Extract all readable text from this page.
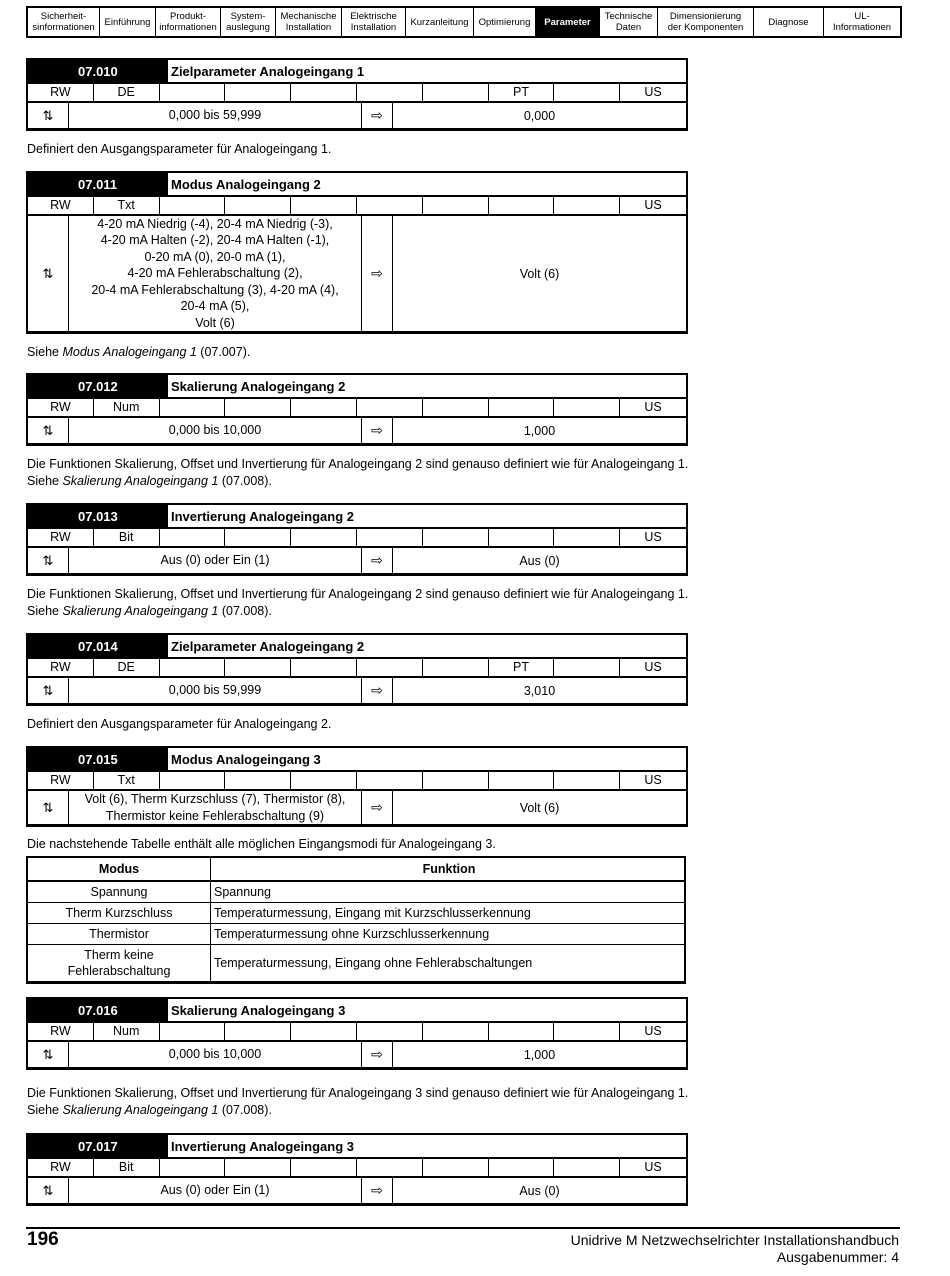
Sicherheit-
sinformationen	Einführung	Produkt-
informationen
System-
auslegung
Mechanische
Installation
Elektrische
Installation	Kurzanleitung	Optimierung	Parameter	Technische
Daten
Dimensionierung
der Komponenten	Diagnose	UL-
Informationen
07.010	Zielparameter Analogeingang 1
RW	DE	PT	US
⇅	0,000 bis 59,999	⇨	0,000
Definiert den Ausgangsparameter für Analogeingang 1.
07.011	Modus Analogeingang 2
RW	Txt	US
⇅
4-20 mA Niedrig (-4), 20-4 mA Niedrig (-3),
4-20 mA Halten (-2), 20-4 mA Halten (-1),
0-20 mA (0), 20-0 mA (1),
4-20 mA Fehlerabschaltung (2),
20-4 mA Fehlerabschaltung (3), 4-20 mA (4),
20-4 mA (5),
Volt (6)
⇨	Volt (6)
Siehe Modus Analogeingang 1 (07.007).
07.012	Skalierung Analogeingang 2
RW	Num	US
⇅	0,000 bis 10,000	⇨	1,000
Die Funktionen Skalierung, Offset und Invertierung für Analogeingang 2 sind genauso definiert wie für Analogeingang 1.
Siehe Skalierung Analogeingang 1 (07.008).
07.013	Invertierung Analogeingang 2
RW	Bit	US
⇅	Aus (0) oder Ein (1)	⇨	Aus (0)
Die Funktionen Skalierung, Offset und Invertierung für Analogeingang 2 sind genauso definiert wie für Analogeingang 1.
Siehe Skalierung Analogeingang 1 (07.008).
07.014	Zielparameter Analogeingang 2
RW	DE	PT	US
⇅	0,000 bis 59,999	⇨	3,010
Definiert den Ausgangsparameter für Analogeingang 2.
07.015	Modus Analogeingang 3
RW	Txt	US
⇅
Volt (6), Therm Kurzschluss (7), Thermistor (8),
Thermistor keine Fehlerabschaltung (9)
⇨	Volt (6)
Die nachstehende Tabelle enthält alle möglichen Eingangsmodi für Analogeingang 3.
Modus	Funktion
Spannung	Spannung
Therm Kurzschluss	Temperaturmessung, Eingang mit Kurzschlusserkennung
Thermistor	Temperaturmessung ohne Kurzschlusserkennung
Therm keine
Fehlerabschaltung
Temperaturmessung, Eingang ohne Fehlerabschaltungen
07.016	Skalierung Analogeingang 3
RW	Num	US
⇅	0,000 bis 10,000	⇨	1,000
Die Funktionen Skalierung, Offset und Invertierung für Analogeingang 3 sind genauso definiert wie für Analogeingang 1.
Siehe Skalierung Analogeingang 1 (07.008).
07.017	Invertierung Analogeingang 3
RW	Bit	US
⇅	Aus (0) oder Ein (1)	⇨	Aus (0)
196	Unidrive M Netzwechselrichter Installationshandbuch
Ausgabenummer: 4
